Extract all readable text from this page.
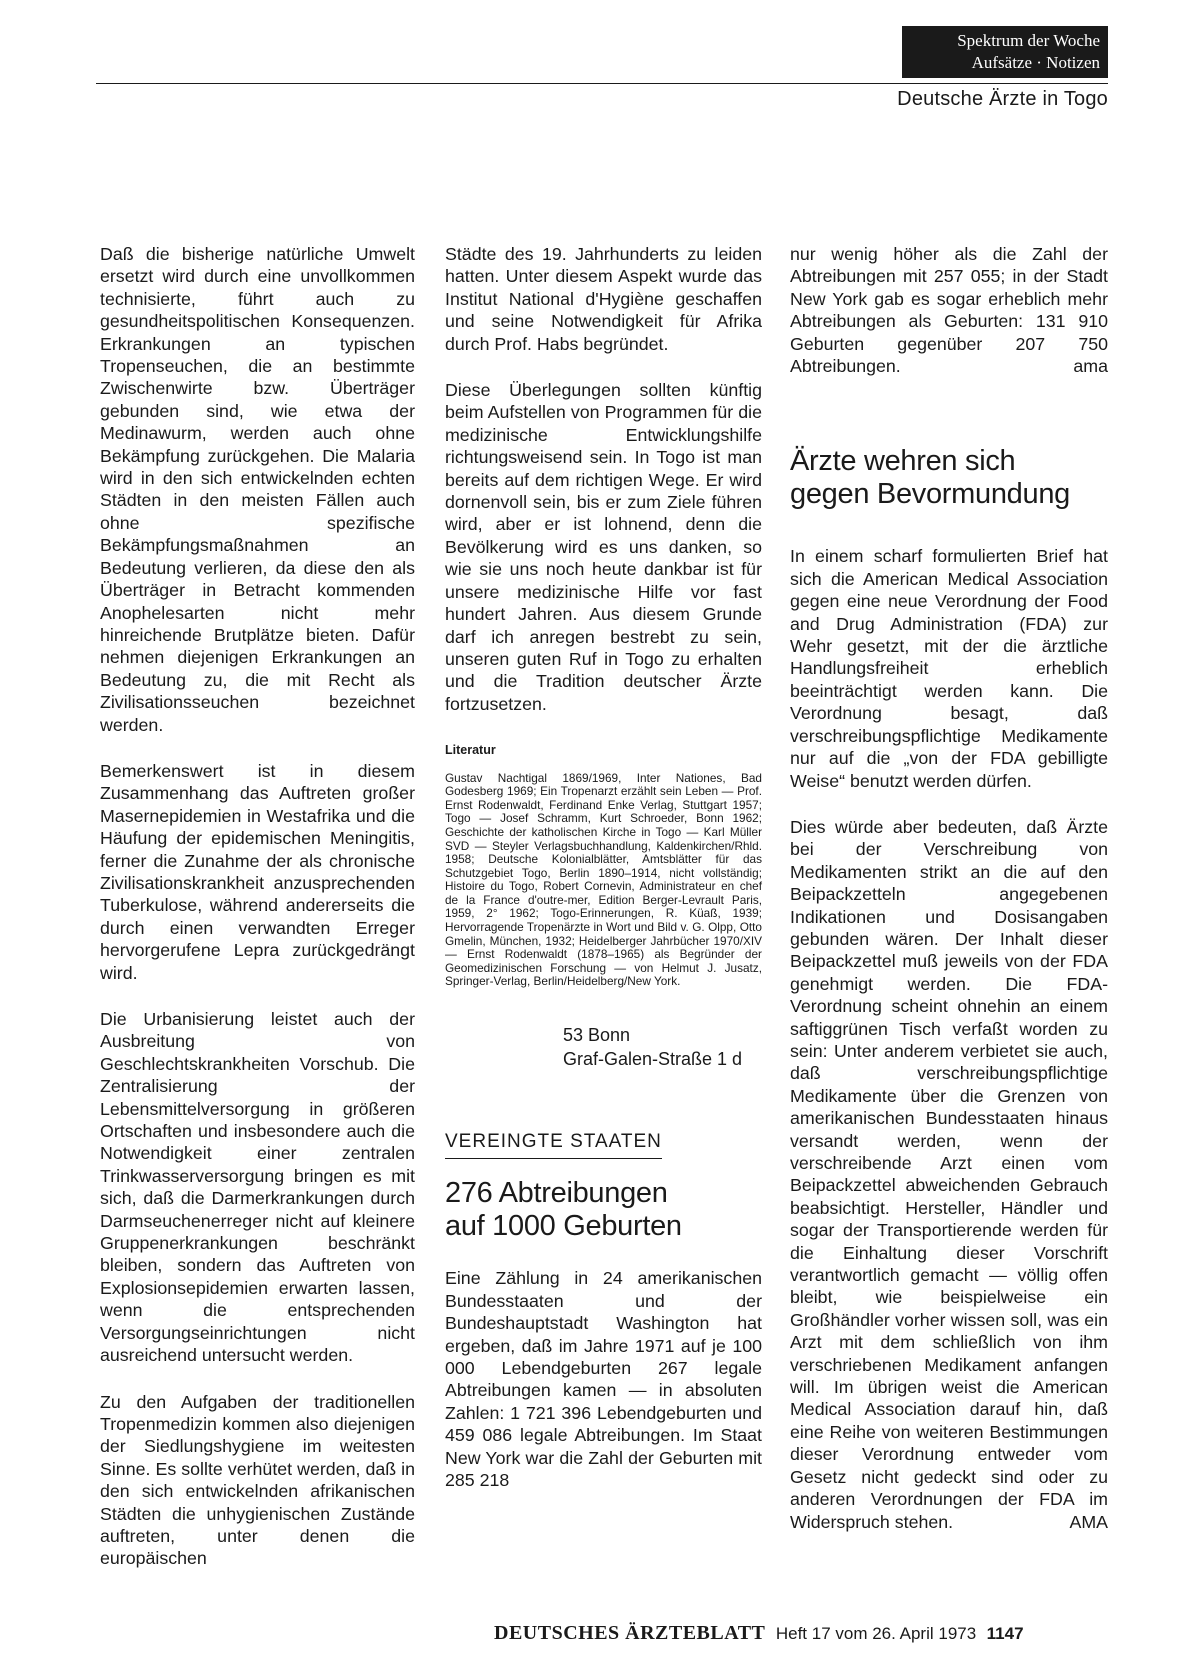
Spektrum der Woche
Aufsätze · Notizen
Deutsche Ärzte in Togo

Daß die bisherige natürliche Umwelt ersetzt wird durch eine unvollkommen technisierte, führt auch zu gesundheitspolitischen Konsequenzen. Erkrankungen an typischen Tropenseuchen, die an bestimmte Zwischenwirte bzw. Überträger gebunden sind, wie etwa der Medinawurm, werden auch ohne Bekämpfung zurückgehen. Die Malaria wird in den sich entwickelnden echten Städten in den meisten Fällen auch ohne spezifische Bekämpfungsmaßnahmen an Bedeutung verlieren, da diese den als Überträger in Betracht kommenden Anophelesarten nicht mehr hinreichende Brutplätze bieten. Dafür nehmen diejenigen Erkrankungen an Bedeutung zu, die mit Recht als Zivilisationsseuchen bezeichnet werden.

Bemerkenswert ist in diesem Zusammenhang das Auftreten großer Masernepidemien in Westafrika und die Häufung der epidemischen Meningitis, ferner die Zunahme der als chronische Zivilisationskrankheit anzusprechenden Tuberkulose, während andererseits die durch einen verwandten Erreger hervorgerufene Lepra zurückgedrängt wird.

Die Urbanisierung leistet auch der Ausbreitung von Geschlechtskrankheiten Vorschub. Die Zentralisierung der Lebensmittelversorgung in größeren Ortschaften und insbesondere auch die Notwendigkeit einer zentralen Trinkwasserversorgung bringen es mit sich, daß die Darmerkrankungen durch Darmseuchenerreger nicht auf kleinere Gruppenerkrankungen beschränkt bleiben, sondern das Auftreten von Explosionsepidemien erwarten lassen, wenn die entsprechenden Versorgungseinrichtungen nicht ausreichend untersucht werden.

Zu den Aufgaben der traditionellen Tropenmedizin kommen also diejenigen der Siedlungshygiene im weitesten Sinne. Es sollte verhütet werden, daß in den sich entwickelnden afrikanischen Städten die unhygienischen Zustände auftreten, unter denen die europäischen

Städte des 19. Jahrhunderts zu leiden hatten. Unter diesem Aspekt wurde das Institut National d'Hygiène geschaffen und seine Notwendigkeit für Afrika durch Prof. Habs begründet.

Diese Überlegungen sollten künftig beim Aufstellen von Programmen für die medizinische Entwicklungshilfe richtungsweisend sein. In Togo ist man bereits auf dem richtigen Wege. Er wird dornenvoll sein, bis er zum Ziele führen wird, aber er ist lohnend, denn die Bevölkerung wird es uns danken, so wie sie uns noch heute dankbar ist für unsere medizinische Hilfe vor fast hundert Jahren. Aus diesem Grunde darf ich anregen bestrebt zu sein, unseren guten Ruf in Togo zu erhalten und die Tradition deutscher Ärzte fortzusetzen.

Literatur

Gustav Nachtigal 1869/1969, Inter Nationes, Bad Godesberg 1969; Ein Tropenarzt erzählt sein Leben — Prof. Ernst Rodenwaldt, Ferdinand Enke Verlag, Stuttgart 1957; Togo — Josef Schramm, Kurt Schroeder, Bonn 1962; Geschichte der katholischen Kirche in Togo — Karl Müller SVD — Steyler Verlagsbuchhandlung, Kaldenkirchen/Rhld. 1958; Deutsche Kolonialblätter, Amtsblätter für das Schutzgebiet Togo, Berlin 1890–1914, nicht vollständig; Histoire du Togo, Robert Cornevin, Administrateur en chef de la France d'outre-mer, Edition Berger-Levrault Paris, 1959, 2° 1962; Togo-Erinnerungen, R. Küaß, 1939; Hervorragende Tropenärzte in Wort und Bild v. G. Olpp, Otto Gmelin, München, 1932; Heidelberger Jahrbücher 1970/XIV — Ernst Rodenwaldt (1878–1965) als Begründer der Geomedizinischen Forschung — von Helmut J. Jusatz, Springer-Verlag, Berlin/Heidelberg/New York.

53 Bonn
Graf-Galen-Straße 1 d
VEREINGTE STAATEN
276 Abtreibungen
auf 1000 Geburten

Eine Zählung in 24 amerikanischen Bundesstaaten und der Bundeshauptstadt Washington hat ergeben, daß im Jahre 1971 auf je 100 000 Lebendgeburten 267 legale Abtreibungen kamen — in absoluten Zahlen: 1 721 396 Lebendgeburten und 459 086 legale Abtreibungen. Im Staat New York war die Zahl der Geburten mit 285 218

nur wenig höher als die Zahl der Abtreibungen mit 257 055; in der Stadt New York gab es sogar erheblich mehr Abtreibungen als Geburten: 131 910 Geburten gegenüber 207 750 Abtreibungen.	ama

Ärzte wehren sich
gegen Bevormundung

In einem scharf formulierten Brief hat sich die American Medical Association gegen eine neue Verordnung der Food and Drug Administration (FDA) zur Wehr gesetzt, mit der die ärztliche Handlungsfreiheit erheblich beeinträchtigt werden kann. Die Verordnung besagt, daß verschreibungspflichtige Medikamente nur auf die „von der FDA gebilligte Weise“ benutzt werden dürfen.

Dies würde aber bedeuten, daß Ärzte bei der Verschreibung von Medikamenten strikt an die auf den Beipackzetteln angegebenen Indikationen und Dosisangaben gebunden wären. Der Inhalt dieser Beipackzettel muß jeweils von der FDA genehmigt werden. Die FDA-Verordnung scheint ohnehin an einem saftiggrünen Tisch verfaßt worden zu sein: Unter anderem verbietet sie auch, daß verschreibungspflichtige Medikamente über die Grenzen von amerikanischen Bundesstaaten hinaus versandt werden, wenn der verschreibende Arzt einen vom Beipackzettel abweichenden Gebrauch beabsichtigt. Hersteller, Händler und sogar der Transportierende werden für die Einhaltung dieser Vorschrift verantwortlich gemacht — völlig offen bleibt, wie beispielweise ein Großhändler vorher wissen soll, was ein Arzt mit dem schließlich von ihm verschriebenen Medikament anfangen will. Im übrigen weist die American Medical Association darauf hin, daß eine Reihe von weiteren Bestimmungen dieser Verordnung entweder vom Gesetz nicht gedeckt sind oder zu anderen Verordnungen der FDA im Widerspruch stehen.	AMA

DEUTSCHES ÄRZTEBLATT Heft 17 vom 26. April 1973 1147
